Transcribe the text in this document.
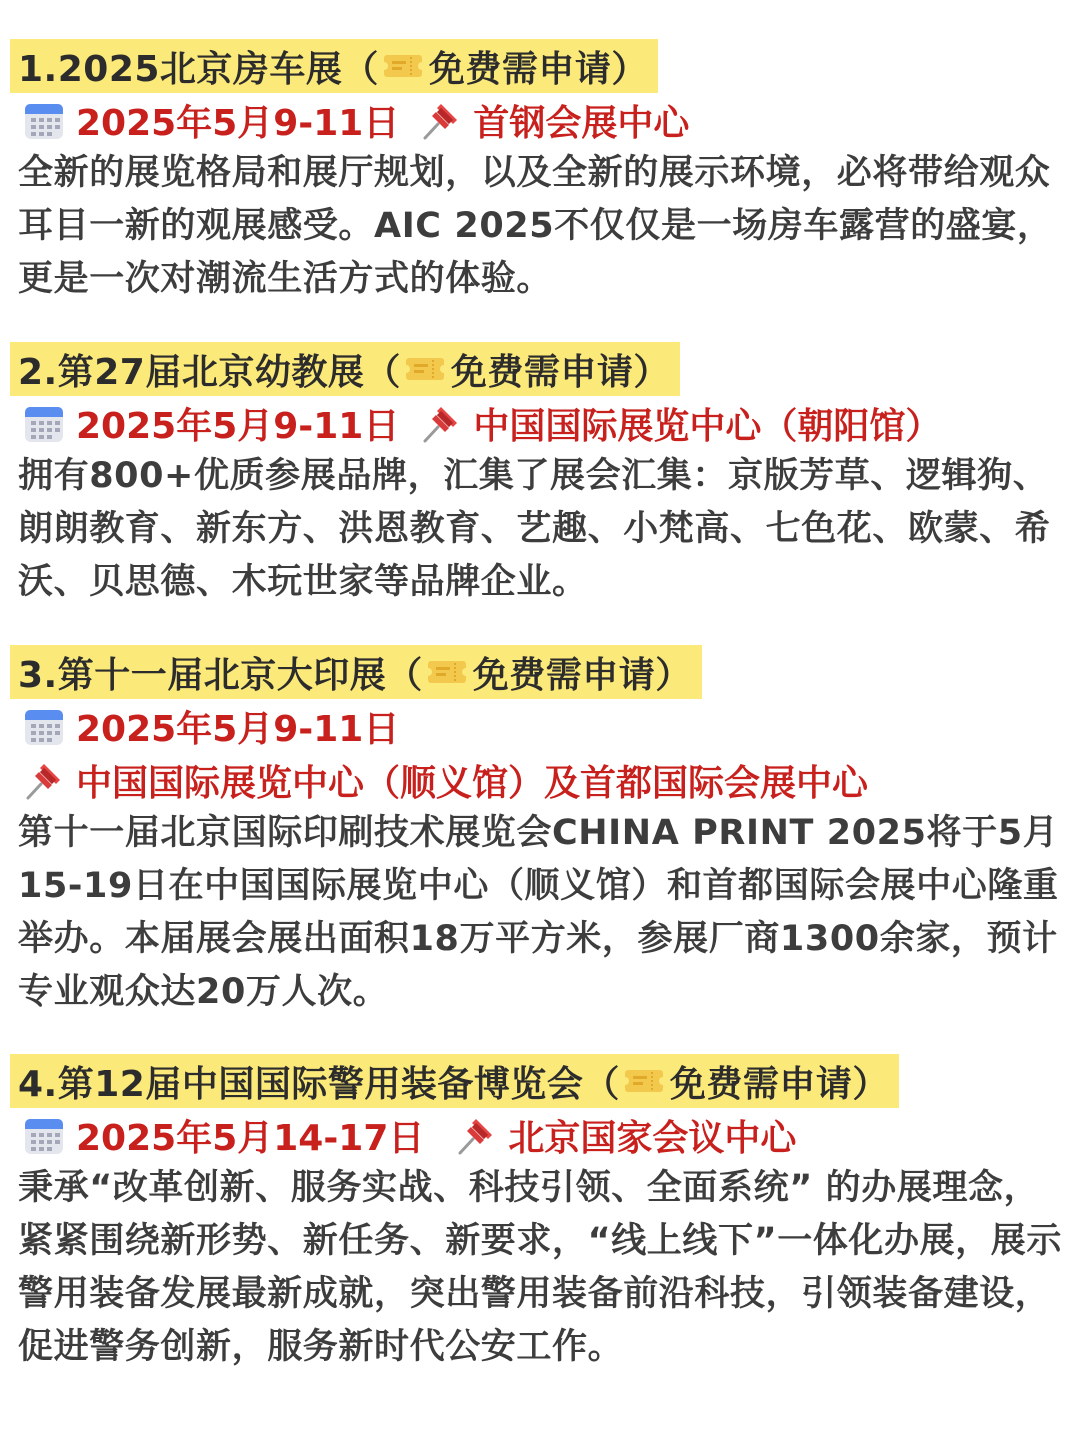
1.2025北京房车展（ 免费需申请）
2025年5月9-11日 首钢会展中心

全新的展览格局和展厅规划，以及全新的展示环境，必将带给观众耳目一新的观展感受。AIC 2025不仅仅是一场房车露营的盛宴，更是一次对潮流生活方式的体验。

2.第27届北京幼教展（ 免费需申请）
2025年5月9-11日 中国国际展览中心（朝阳馆）

拥有800+优质参展品牌，汇集了展会汇集：京版芳草、逻辑狗、朗朗教育、新东方、洪恩教育、艺趣、小梵高、七色花、欧蒙、希沃、贝思德、木玩世家等品牌企业。

3.第十一届北京大印展（ 免费需申请）
2025年5月9-11日
中国国际展览中心（顺义馆）及首都国际会展中心

第十一届北京国际印刷技术展览会CHINA PRINT 2025将于5月15-19日在中国国际展览中心（顺义馆）和首都国际会展中心隆重举办。本届展会展出面积18万平方米，参展厂商1300余家，预计专业观众达20万人次。

4.第12届中国国际警用装备博览会（ 免费需申请）
2025年5月14-17日 北京国家会议中心

秉承“改革创新、服务实战、科技引领、全面系统” 的办展理念，紧紧围绕新形势、新任务、新要求，“线上线下”一体化办展，展示警用装备发展最新成就，突出警用装备前沿科技，引领装备建设，促进警务创新，服务新时代公安工作。
